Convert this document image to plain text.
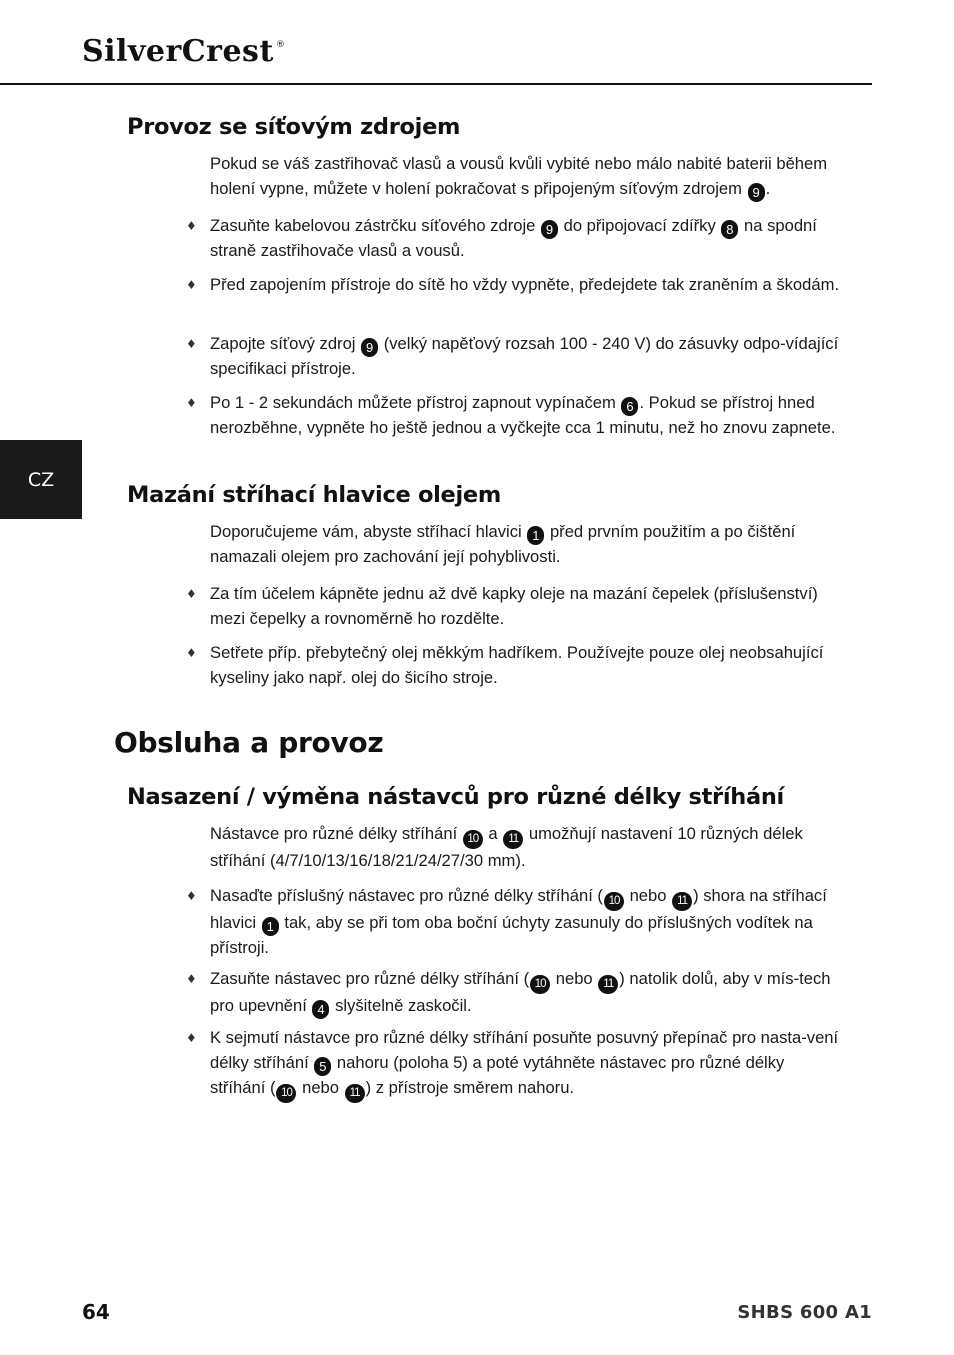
SilverCrest ®
CZ
Provoz se síťovým zdrojem
Pokud se váš zastřihovač vlasů a vousů kvůli vybité nebo málo nabité baterii během holení vypne, můžete v holení pokračovat s připojeným síťovým zdrojem 9 .
♦ Zasuňte kabelovou zástrčku síťového zdroje 9 do připojovací zdířky 8 na spodní straně zastřihovače vlasů a vousů.
♦ Před zapojením přístroje do sítě ho vždy vypněte, předejdete tak zraněním a škodám.
♦ Zapojte síťový zdroj 9 (velký napěťový rozsah 100 - 240 V) do zásuvky odpo-vídající specifikaci přístroje.
♦ Po 1 - 2 sekundách můžete přístroj zapnout vypínačem 6 . Pokud se přístroj hned nerozběhne, vypněte ho ještě jednou a vyčkejte cca 1 minutu, než ho znovu zapnete.
Mazání stříhací hlavice olejem
Doporučujeme vám, abyste stříhací hlavici 1 před prvním použitím a po čištění namazali olejem pro zachování její pohyblivosti.
♦ Za tím účelem kápněte jednu až dvě kapky oleje na mazání čepelek (příslušenství) mezi čepelky a rovnoměrně ho rozdělte.
♦ Setřete příp. přebytečný olej měkkým hadříkem. Používejte pouze olej neobsahující kyseliny jako např. olej do šicího stroje.
Obsluha a provoz
Nasazení / výměna nástavců pro různé délky stříhání
Nástavce pro různé délky stříhání 10 a 11 umožňují nastavení 10 různých délek stříhání (4/7/10/13/16/18/21/24/27/30 mm).
♦ Nasaďte příslušný nástavec pro různé délky stříhání ( 10 nebo 11 ) shora na stříhací hlavici 1 tak, aby se při tom oba boční úchyty zasunuly do příslušných vodítek na přístroji.
♦ Zasuňte nástavec pro různé délky stříhání ( 10 nebo 11 ) natolik dolů, aby v mís-tech pro upevnění 4 slyšitelně zaskočil.
♦ K sejmutí nástavce pro různé délky stříhání posuňte posuvný přepínač pro nasta-vení délky stříhání 5 nahoru (poloha 5) a poté vytáhněte nástavec pro různé délky stříhání ( 10 nebo 11 ) z přístroje směrem nahoru.
64	SHBS 600 A1
